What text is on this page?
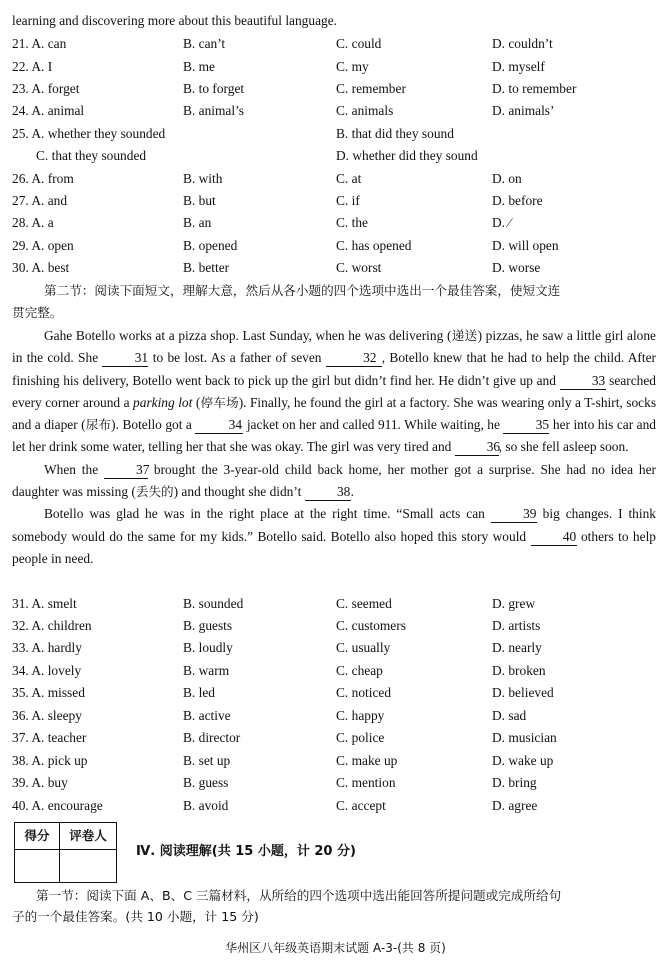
learning and discovering more about this beautiful language.
21. A. can	B. can’t	C. could	D. couldn’t
22. A. I	B. me	C. my	D. myself
23. A. forget	B. to forget	C. remember	D. to remember
24. A. animal	B. animal’s	C. animals	D. animals’
25. A. whether they sounded	B. that did they sound
C. that they sounded	D. whether did they sound
26. A. from	B. with	C. at	D. on
27. A. and	B. but	C. if	D. before
28. A. a	B. an	C. the	D. ∕
29. A. open	B. opened	C. has opened	D. will open
30. A. best	B. better	C. worst	D. worse
第二节：阅读下面短文，理解大意，然后从各小题的四个选项中选出一个最佳答案，使短文连
贯完整。

Gahe Botello works at a pizza shop. Last Sunday, when he was delivering (递送) pizzas, he saw a little girl alone in the cold. She 31 to be lost. As a father of seven	32 , Botello knew that he had to help the child. After finishing his delivery, Botello went back to pick up the girl but didn’t find her. He didn’t give up and 33 searched every corner around a parking lot (停车场). Finally, he found the girl at a factory. She was wearing only a T-shirt, socks and a diaper (尿布). Botello got a 34 jacket on her and called 911. While waiting, he 35 her into his car and let her drink some water, telling her that she was okay. The girl was very tired and 36, so she fell asleep soon.

When the 37 brought the 3-year-old child back home, her mother got a surprise. She had no idea her daughter was missing (丢失的) and thought she didn’t 38.

Botello was glad he was in the right place at the right time. “Small acts can 39 big changes. I think somebody would do the same for my kids.” Botello said. Botello also hoped this story would 40 others to help people in need.

31. A. smelt	B. sounded	C. seemed	D. grew
32. A. children	B. guests	C. customers	D. artists
33. A. hardly	B. loudly	C. usually	D. nearly
34. A. lovely	B. warm	C. cheap	D. broken
35. A. missed	B. led	C. noticed	D. believed
36. A. sleepy	B. active	C. happy	D. sad
37. A. teacher	B. director	C. police	D. musician
38. A. pick up	B. set up	C. make up	D. wake up
39. A. buy	B. guess	C. mention	D. bring
40. A. encourage	B. avoid	C. accept	D. agree
得分	评卷人

Ⅳ. 阅读理解(共 15 小题，计 20 分)
第一节：阅读下面 A、B、C 三篇材料，从所给的四个选项中选出能回答所提问题或完成所给句
子的一个最佳答案。(共 10 小题，计 15 分)
华州区八年级英语期末试题 A-3-(共 8 页)
